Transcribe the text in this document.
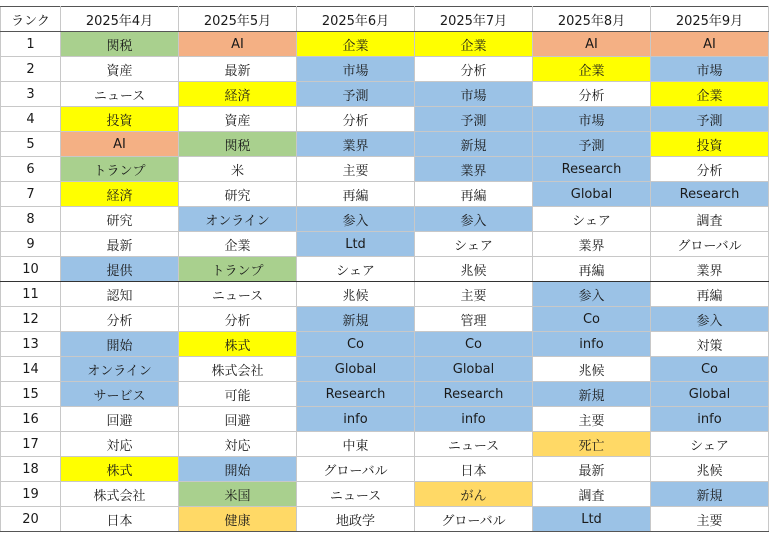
ランク	2025年4月	2025年5月	2025年6月	2025年7月	2025年8月	2025年9月
1	関税	AI	企業	企業	AI	AI
2	資産	最新	市場	分析	企業	市場
3	ニュース	経済	予測	市場	分析	企業
4	投資	資産	分析	予測	市場	予測
5	AI	関税	業界	新規	予測	投資
6	トランプ	米	主要	業界	Research	分析
7	経済	研究	再編	再編	Global	Research
8	研究	オンライン	参入	参入	シェア	調査
9	最新	企業	Ltd	シェア	業界	グローバル
10	提供	トランプ	シェア	兆候	再編	業界
11	認知	ニュース	兆候	主要	参入	再編
12	分析	分析	新規	管理	Co	参入
13	開始	株式	Co	Co	info	対策
14	オンライン	株式会社	Global	Global	兆候	Co
15	サービス	可能	Research	Research	新規	Global
16	回避	回避	info	info	主要	info
17	対応	対応	中東	ニュース	死亡	シェア
18	株式	開始	グローバル	日本	最新	兆候
19	株式会社	米国	ニュース	がん	調査	新規
20	日本	健康	地政学	グローバル	Ltd	主要
